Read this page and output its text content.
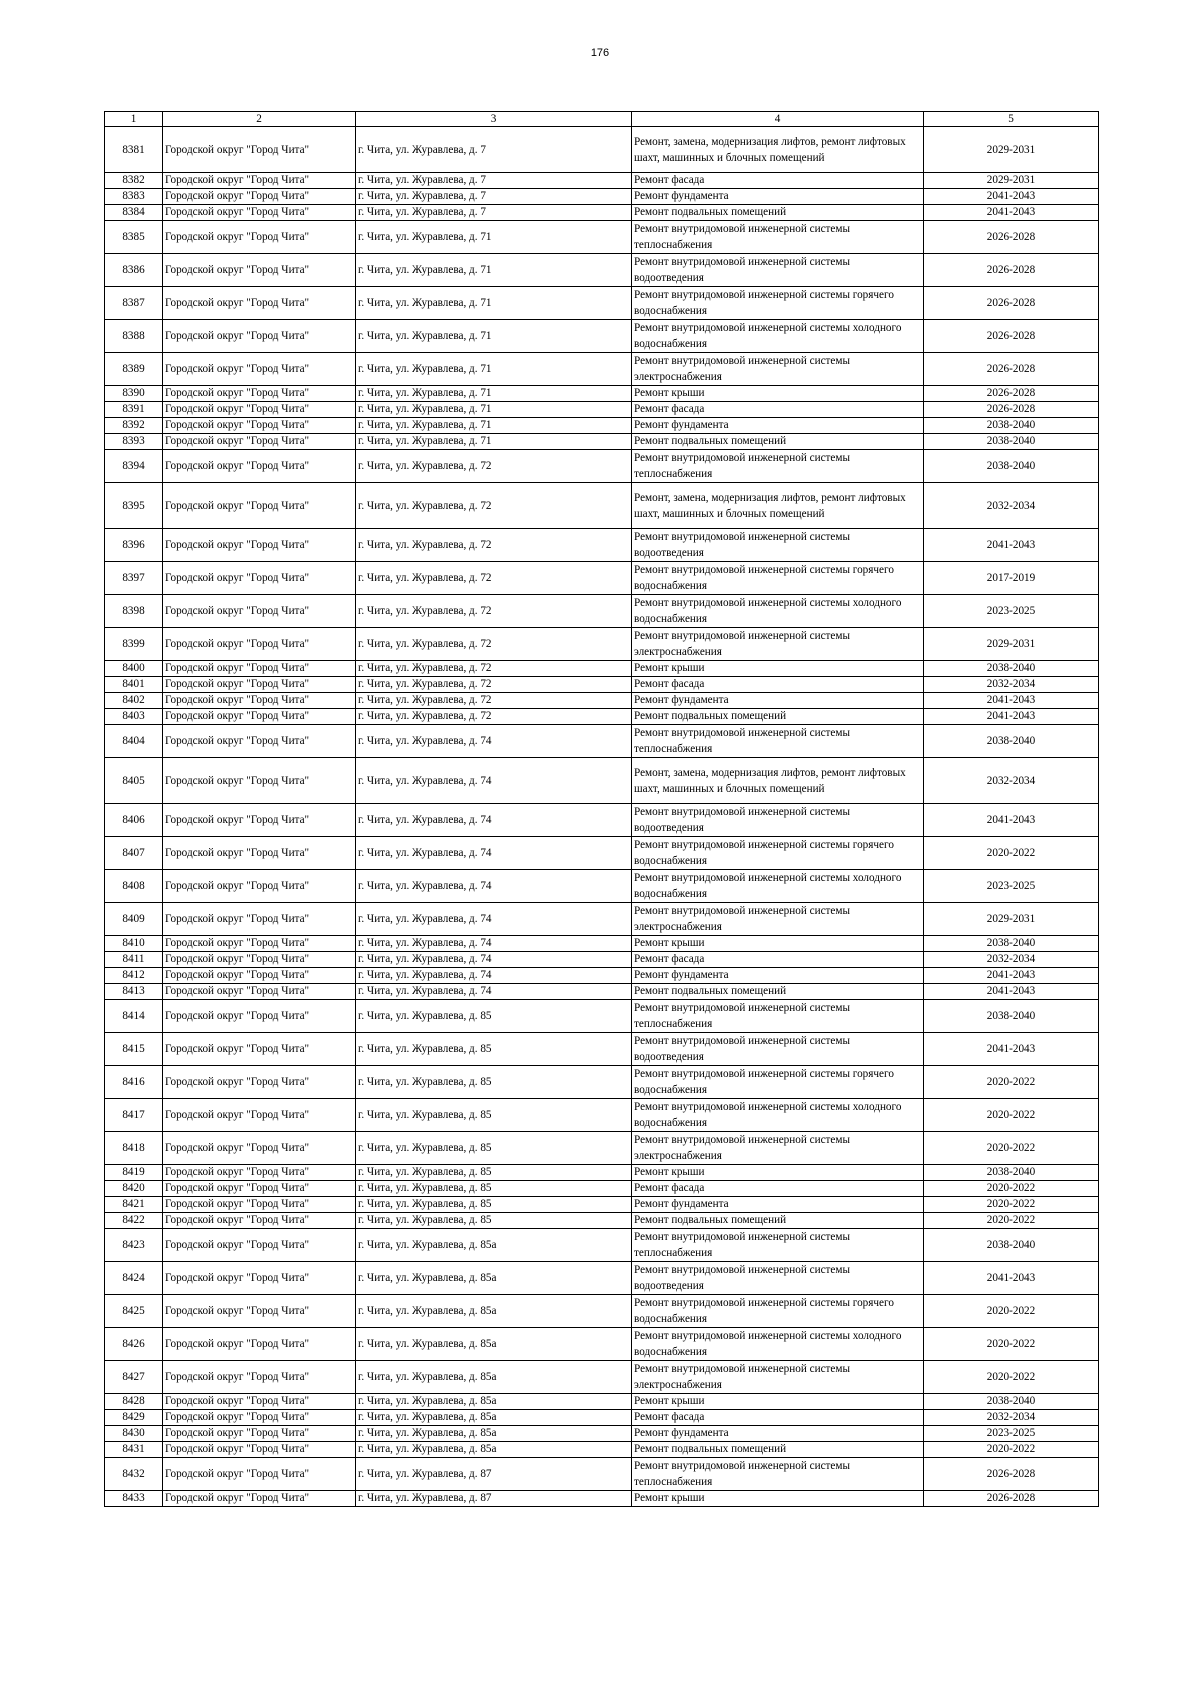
176
1	2	3	4	5
8381	Городской округ "Город Чита"	г. Чита, ул. Журавлева, д. 7	Ремонт, замена, модернизация лифтов, ремонт лифтовых шахт, машинных и блочных помещений	2029-2031
8382	Городской округ "Город Чита"	г. Чита, ул. Журавлева, д. 7	Ремонт фасада	2029-2031
8383	Городской округ "Город Чита"	г. Чита, ул. Журавлева, д. 7	Ремонт фундамента	2041-2043
8384	Городской округ "Город Чита"	г. Чита, ул. Журавлева, д. 7	Ремонт подвальных помещений	2041-2043
8385	Городской округ "Город Чита"	г. Чита, ул. Журавлева, д. 71	Ремонт внутридомовой инженерной системы теплоснабжения	2026-2028
8386	Городской округ "Город Чита"	г. Чита, ул. Журавлева, д. 71	Ремонт внутридомовой инженерной системы водоотведения	2026-2028
8387	Городской округ "Город Чита"	г. Чита, ул. Журавлева, д. 71	Ремонт внутридомовой инженерной системы горячего водоснабжения	2026-2028
8388	Городской округ "Город Чита"	г. Чита, ул. Журавлева, д. 71	Ремонт внутридомовой инженерной системы холодного водоснабжения	2026-2028
8389	Городской округ "Город Чита"	г. Чита, ул. Журавлева, д. 71	Ремонт внутридомовой инженерной системы электроснабжения	2026-2028
8390	Городской округ "Город Чита"	г. Чита, ул. Журавлева, д. 71	Ремонт крыши	2026-2028
8391	Городской округ "Город Чита"	г. Чита, ул. Журавлева, д. 71	Ремонт фасада	2026-2028
8392	Городской округ "Город Чита"	г. Чита, ул. Журавлева, д. 71	Ремонт фундамента	2038-2040
8393	Городской округ "Город Чита"	г. Чита, ул. Журавлева, д. 71	Ремонт подвальных помещений	2038-2040
8394	Городской округ "Город Чита"	г. Чита, ул. Журавлева, д. 72	Ремонт внутридомовой инженерной системы теплоснабжения	2038-2040
8395	Городской округ "Город Чита"	г. Чита, ул. Журавлева, д. 72	Ремонт, замена, модернизация лифтов, ремонт лифтовых шахт, машинных и блочных помещений	2032-2034
8396	Городской округ "Город Чита"	г. Чита, ул. Журавлева, д. 72	Ремонт внутридомовой инженерной системы водоотведения	2041-2043
8397	Городской округ "Город Чита"	г. Чита, ул. Журавлева, д. 72	Ремонт внутридомовой инженерной системы горячего водоснабжения	2017-2019
8398	Городской округ "Город Чита"	г. Чита, ул. Журавлева, д. 72	Ремонт внутридомовой инженерной системы холодного водоснабжения	2023-2025
8399	Городской округ "Город Чита"	г. Чита, ул. Журавлева, д. 72	Ремонт внутридомовой инженерной системы электроснабжения	2029-2031
8400	Городской округ "Город Чита"	г. Чита, ул. Журавлева, д. 72	Ремонт крыши	2038-2040
8401	Городской округ "Город Чита"	г. Чита, ул. Журавлева, д. 72	Ремонт фасада	2032-2034
8402	Городской округ "Город Чита"	г. Чита, ул. Журавлева, д. 72	Ремонт фундамента	2041-2043
8403	Городской округ "Город Чита"	г. Чита, ул. Журавлева, д. 72	Ремонт подвальных помещений	2041-2043
8404	Городской округ "Город Чита"	г. Чита, ул. Журавлева, д. 74	Ремонт внутридомовой инженерной системы теплоснабжения	2038-2040
8405	Городской округ "Город Чита"	г. Чита, ул. Журавлева, д. 74	Ремонт, замена, модернизация лифтов, ремонт лифтовых шахт, машинных и блочных помещений	2032-2034
8406	Городской округ "Город Чита"	г. Чита, ул. Журавлева, д. 74	Ремонт внутридомовой инженерной системы водоотведения	2041-2043
8407	Городской округ "Город Чита"	г. Чита, ул. Журавлева, д. 74	Ремонт внутридомовой инженерной системы горячего водоснабжения	2020-2022
8408	Городской округ "Город Чита"	г. Чита, ул. Журавлева, д. 74	Ремонт внутридомовой инженерной системы холодного водоснабжения	2023-2025
8409	Городской округ "Город Чита"	г. Чита, ул. Журавлева, д. 74	Ремонт внутридомовой инженерной системы электроснабжения	2029-2031
8410	Городской округ "Город Чита"	г. Чита, ул. Журавлева, д. 74	Ремонт крыши	2038-2040
8411	Городской округ "Город Чита"	г. Чита, ул. Журавлева, д. 74	Ремонт фасада	2032-2034
8412	Городской округ "Город Чита"	г. Чита, ул. Журавлева, д. 74	Ремонт фундамента	2041-2043
8413	Городской округ "Город Чита"	г. Чита, ул. Журавлева, д. 74	Ремонт подвальных помещений	2041-2043
8414	Городской округ "Город Чита"	г. Чита, ул. Журавлева, д. 85	Ремонт внутридомовой инженерной системы теплоснабжения	2038-2040
8415	Городской округ "Город Чита"	г. Чита, ул. Журавлева, д. 85	Ремонт внутридомовой инженерной системы водоотведения	2041-2043
8416	Городской округ "Город Чита"	г. Чита, ул. Журавлева, д. 85	Ремонт внутридомовой инженерной системы горячего водоснабжения	2020-2022
8417	Городской округ "Город Чита"	г. Чита, ул. Журавлева, д. 85	Ремонт внутридомовой инженерной системы холодного водоснабжения	2020-2022
8418	Городской округ "Город Чита"	г. Чита, ул. Журавлева, д. 85	Ремонт внутридомовой инженерной системы электроснабжения	2020-2022
8419	Городской округ "Город Чита"	г. Чита, ул. Журавлева, д. 85	Ремонт крыши	2038-2040
8420	Городской округ "Город Чита"	г. Чита, ул. Журавлева, д. 85	Ремонт фасада	2020-2022
8421	Городской округ "Город Чита"	г. Чита, ул. Журавлева, д. 85	Ремонт фундамента	2020-2022
8422	Городской округ "Город Чита"	г. Чита, ул. Журавлева, д. 85	Ремонт подвальных помещений	2020-2022
8423	Городской округ "Город Чита"	г. Чита, ул. Журавлева, д. 85а	Ремонт внутридомовой инженерной системы теплоснабжения	2038-2040
8424	Городской округ "Город Чита"	г. Чита, ул. Журавлева, д. 85а	Ремонт внутридомовой инженерной системы водоотведения	2041-2043
8425	Городской округ "Город Чита"	г. Чита, ул. Журавлева, д. 85а	Ремонт внутридомовой инженерной системы горячего водоснабжения	2020-2022
8426	Городской округ "Город Чита"	г. Чита, ул. Журавлева, д. 85а	Ремонт внутридомовой инженерной системы холодного водоснабжения	2020-2022
8427	Городской округ "Город Чита"	г. Чита, ул. Журавлева, д. 85а	Ремонт внутридомовой инженерной системы электроснабжения	2020-2022
8428	Городской округ "Город Чита"	г. Чита, ул. Журавлева, д. 85а	Ремонт крыши	2038-2040
8429	Городской округ "Город Чита"	г. Чита, ул. Журавлева, д. 85а	Ремонт фасада	2032-2034
8430	Городской округ "Город Чита"	г. Чита, ул. Журавлева, д. 85а	Ремонт фундамента	2023-2025
8431	Городской округ "Город Чита"	г. Чита, ул. Журавлева, д. 85а	Ремонт подвальных помещений	2020-2022
8432	Городской округ "Город Чита"	г. Чита, ул. Журавлева, д. 87	Ремонт внутридомовой инженерной системы теплоснабжения	2026-2028
8433	Городской округ "Город Чита"	г. Чита, ул. Журавлева, д. 87	Ремонт крыши	2026-2028
